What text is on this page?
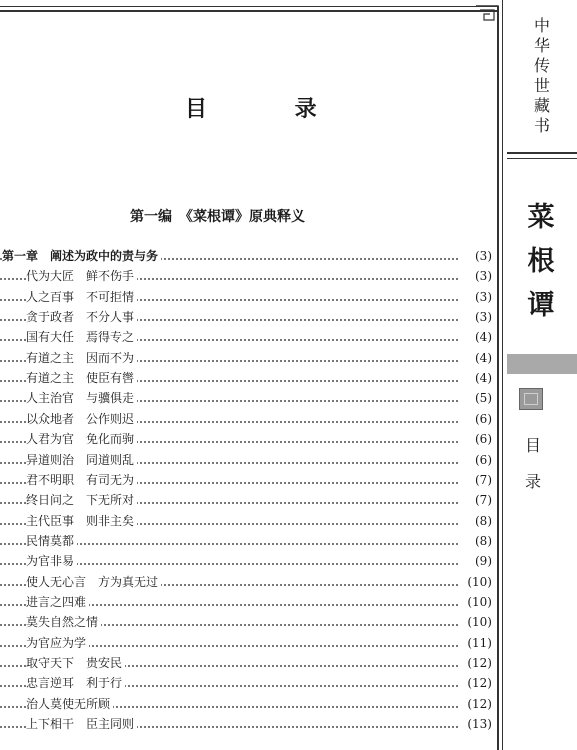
目 录
第一编　《菜根谭》原典释义
第一章　阐述为政中的责与务	(3)
代为大匠　鲜不伤手	(3)
人之百事　不可拒情	(3)
贪于政者　不分人事	(3)
国有大任　焉得专之	(4)
有道之主　因而不为	(4)
有道之主　使臣有辔	(4)
人主治官　与骥俱走	(5)
以众地者　公作则迟	(6)
人君为官　免化而驹	(6)
异道则治　同道则乱	(6)
君不明职　有司无为	(7)
终日问之　下无所对	(7)
主代臣事　则非主矣	(8)
民情莫都	(8)
为官非易	(9)
使人无心言　方为真无过	(10)
进言之四难	(10)
莫失自然之情	(10)
为官应为学	(11)
取守天下　贵安民	(12)
忠言逆耳　利于行	(12)
治人莫使无所顾	(12)
上下相干　臣主同则	(13)
中华传世藏书
菜根谭
目录
